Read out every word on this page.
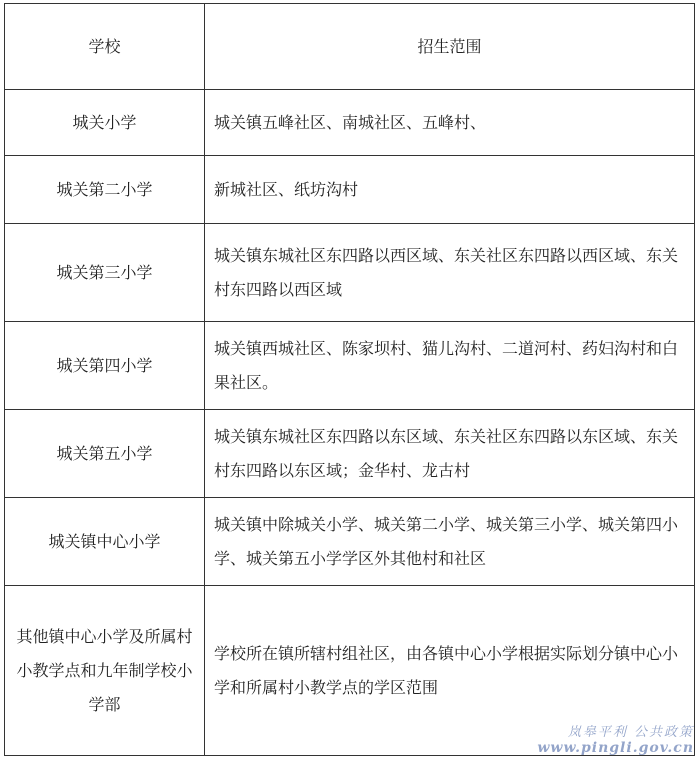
学校	招生范围
城关小学	城关镇五峰社区、南城社区、五峰村、
城关第二小学	新城社区、纸坊沟村
城关第三小学	城关镇东城社区东四路以西区域、东关社区东四路以西区域、东关村东四路以西区域
城关第四小学	城关镇西城社区、陈家坝村、猫儿沟村、二道河村、药妇沟村和白果社区。
城关第五小学	城关镇东城社区东四路以东区域、东关社区东四路以东区域、东关村东四路以东区域；金华村、龙古村
城关镇中心小学	城关镇中除城关小学、城关第二小学、城关第三小学、城关第四小学、城关第五小学学区外其他村和社区
其他镇中心小学及所属村小教学点和九年制学校小学部	学校所在镇所辖村组社区，由各镇中心小学根据实际划分镇中心小学和所属村小教学点的学区范围
岚皋平利 公共政策
www.pingli.gov.cn
